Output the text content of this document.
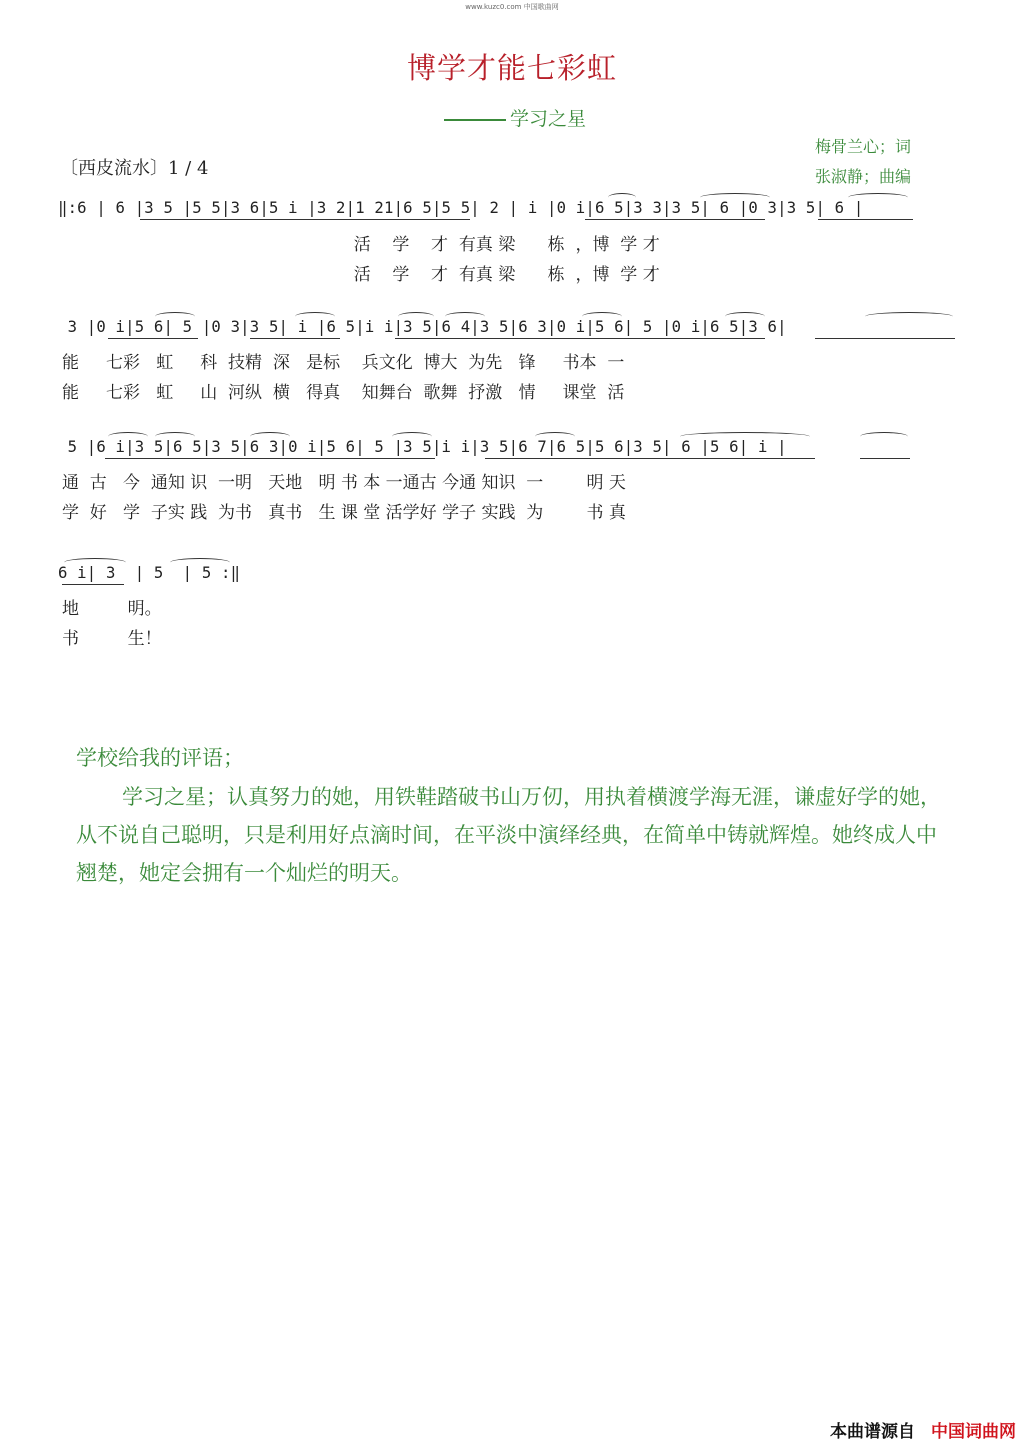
www.kuzc0.com 中国歌曲网
博学才能七彩虹
学习之星
梅骨兰心；词
张淑静；曲编
〔西皮流水〕1 / 4
‖:6 | 6 |3 5 |5 5|3 6|5 i |3 2|1 21|6 5|5 5| 2 | i |0 i|6 5|3 3|3 5| 6 |0 3|3 5| 6 |
活    学    才  有真 梁      栋  ，博  学 才
活    学    才  有真 梁      栋  ，博  学 才
3 |0 i|5 6| 5 |0 3|3 5| i |6 5|i i|3 5|6 4|3 5|6 3|0 i|5 6| 5 |0 i|6 5|3 6|
能     七彩   虹     科  技精  深   是标    兵文化  博大  为先   锋     书本  一
能     七彩   虹     山  河纵  横   得真    知舞台  歌舞  抒激   情     课堂  活
5 |6 i|3 5|6 5|3 5|6 3|0 i|5 6| 5 |3 5|i i|3 5|6 7|6 5|5 6|3 5| 6 |5 6| i |
通  古   今  通知 识  一明   天地   明 书 本 一通古 今通 知识  一        明 天
学  好   学  子实 践  为书   真书   生 课 堂 活学好 学子 实践  为        书 真
6 i| 3  | 5  | 5 :‖
地         明。
书         生！
学校给我的评语；

学习之星；认真努力的她，用铁鞋踏破书山万仞，用执着横渡学海无涯，谦虚好学的她，从不说自己聪明，只是利用好点滴时间，在平淡中演绎经典，在简单中铸就辉煌。她终成人中翘楚，她定会拥有一个灿烂的明天。

本曲谱源自 中国词曲网
